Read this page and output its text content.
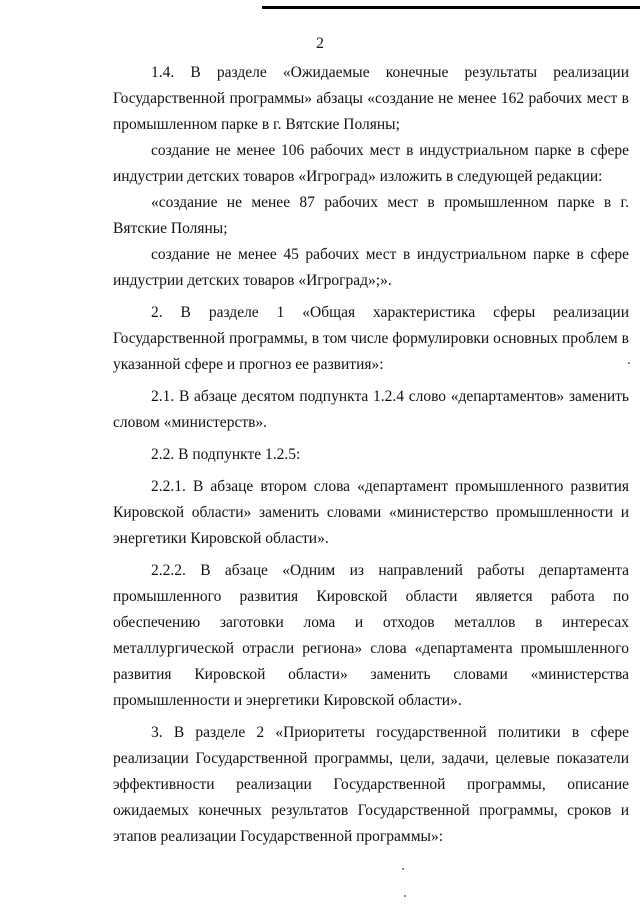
2

1.4. В разделе «Ожидаемые конечные результаты реализации Государственной программы» абзацы «создание не менее 162 рабочих мест в промышленном парке в г. Вятские Поляны;

создание не менее 106 рабочих мест в индустриальном парке в сфере индустрии детских товаров «Игроград» изложить в следующей редакции:

«создание не менее 87 рабочих мест в промышленном парке в г. Вятские Поляны;

создание не менее 45 рабочих мест в индустриальном парке в сфере индустрии детских товаров «Игроград»;».

2. В разделе 1 «Общая характеристика сферы реализации Государственной программы, в том числе формулировки основных проблем в указанной сфере и прогноз ее развития»:

2.1. В абзаце десятом подпункта 1.2.4 слово «департаментов» заменить словом «министерств».

2.2. В подпункте 1.2.5:

2.2.1. В абзаце втором слова «департамент промышленного развития Кировской области» заменить словами «министерство промышленности и энергетики Кировской области».

2.2.2. В абзаце «Одним из направлений работы департамента промышленного развития Кировской области является работа по обеспечению заготовки лома и отходов металлов в интересах металлургической отрасли региона» слова «департамента промышленного развития Кировской области» заменить словами «министерства промышленности и энергетики Кировской области».

3. В разделе 2 «Приоритеты государственной политики в сфере реализации Государственной программы, цели, задачи, целевые показатели эффективности реализации Государственной программы, описание ожидаемых конечных результатов Государственной программы, сроков и этапов реализации Государственной программы»:
